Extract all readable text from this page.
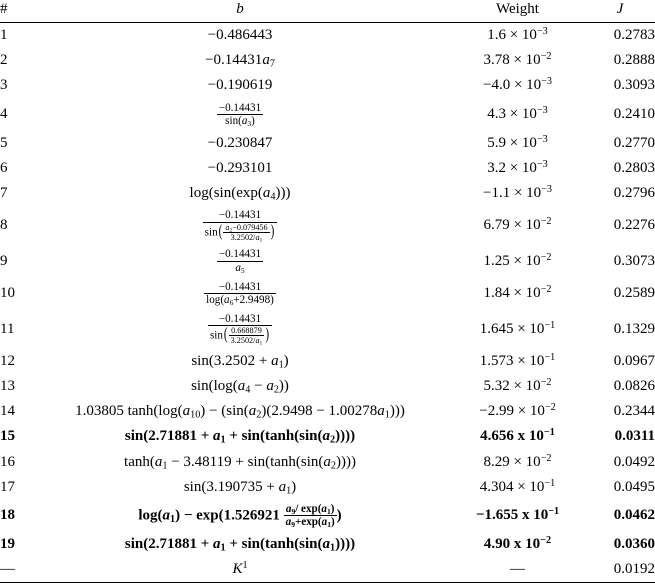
#	b	Weight	J
1	−0.486443	$1.6 \times 10^{-3}$	0.2783
2	$-0.14431a_7$	$3.78 \times 10^{-2}$	0.2888
3	−0.190619	$-4.0 \times 10^{-3}$	0.3093
4	$\frac{-0.14431}{\sin(a_3)}$	$4.3 \times 10^{-3}$	0.2410
5	−0.230847	$5.9 \times 10^{-3}$	0.2770
6	−0.293101	$3.2 \times 10^{-3}$	0.2803
7	$\log(\sin(\exp(a_4)))$	$-1.1 \times 10^{-3}$	0.2796
8	$\frac{-0.14431}{\sin( \frac{a_2-0.079456}{3.2502/a_1} )}$	$6.79 \times 10^{-2}$	0.2276
9	$\frac{-0.14431}{a_5}$	$1.25 \times 10^{-2}$	0.3073
10	$\frac{-0.14431}{\log(a_6+2.9498)}$	$1.84 \times 10^{-2}$	0.2589
11	$\frac{-0.14431}{\sin( \frac{0.668879}{3.2502/a_1} )}$	$1.645 \times 10^{-1}$	0.1329
12	$\sin(3.2502 + a_1)$	$1.573 \times 10^{-1}$	0.0967
13	$\sin(\log(a_4 - a_2))$	$5.32 \times 10^{-2}$	0.0826
14	1.03805 $\tanh(\log(a_{10}) - (\sin(a_2)(2.9498 - 1.00278a_1)))$	$-2.99 \times 10^{-2}$	0.2344
15	$\sin(2.71881 + a_1 + \sin(\tanh(\sin(a_2))))$	4.656 x $10^{-1}$	0.0311
16	$\tanh(a_1 - 3.48119 + \sin(\tanh(\sin(a_2))))$	$8.29 \times 10^{-2}$	0.0492
17	$\sin(3.190735 + a_1)$	$4.304 \times 10^{-1}$	0.0495
18	$\log(a_1) - \exp(1.526921 \frac{a_9/ \exp(a_1)}{a_9+\exp(a_1)}$ )	−1.655 x $10^{-1}$	0.0462
19	$\sin(2.71881 + a_1 + \sin(\tanh(\sin(a_1))))$	4.90 x $10^{-2}$	0.0360
—	$K^1$	—	0.0192
